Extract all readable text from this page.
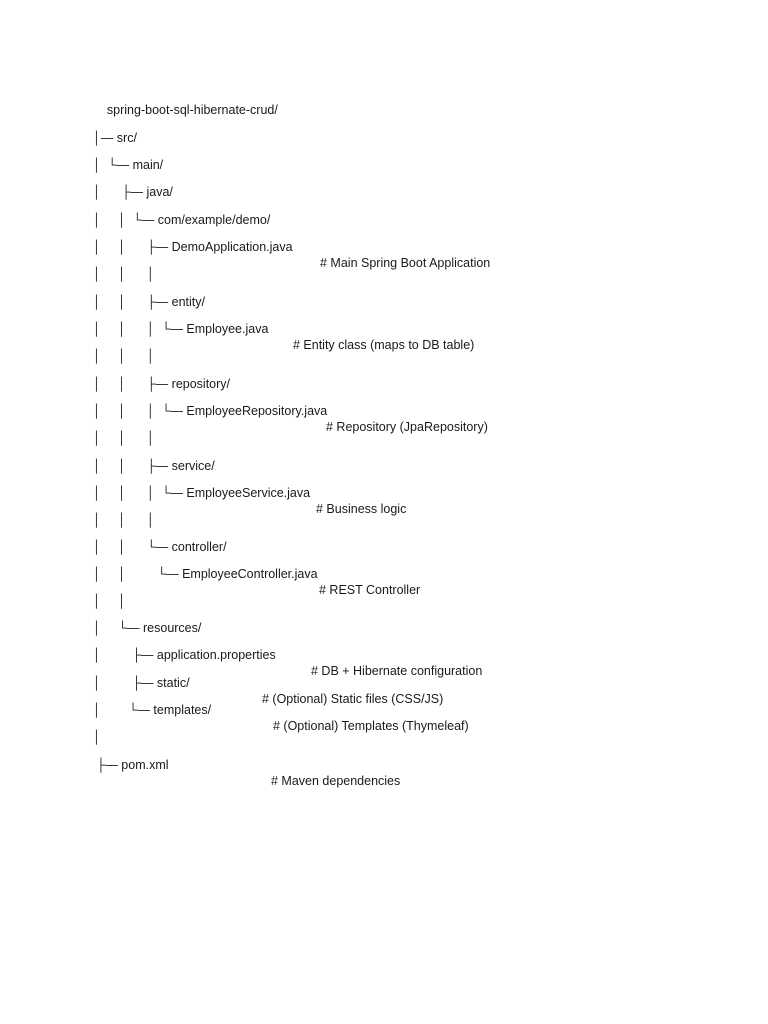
spring-boot-sql-hibernate-crud/

│— src/

│  └— main/

│      ├— java/

│     │  └— com/example/demo/

│     │      ├— DemoApplication.java

# Main Spring Boot Application

│     │      │

│     │      ├— entity/

│     │      │  └— Employee.java

# Entity class (maps to DB table)

│     │      │

│     │      ├— repository/

│     │      │  └— EmployeeRepository.java

# Repository (JpaRepository)

│     │      │

│     │      ├— service/

│     │      │  └— EmployeeService.java

# Business logic

│     │      │

│     │      └— controller/

│     │         └— EmployeeController.java

# REST Controller

│     │

│     └— resources/

│         ├— application.properties

# DB + Hibernate configuration

│         ├— static/

# (Optional) Static files (CSS/JS)

│        └— templates/

# (Optional) Templates (Thymeleaf)

│

├— pom.xml

# Maven dependencies
